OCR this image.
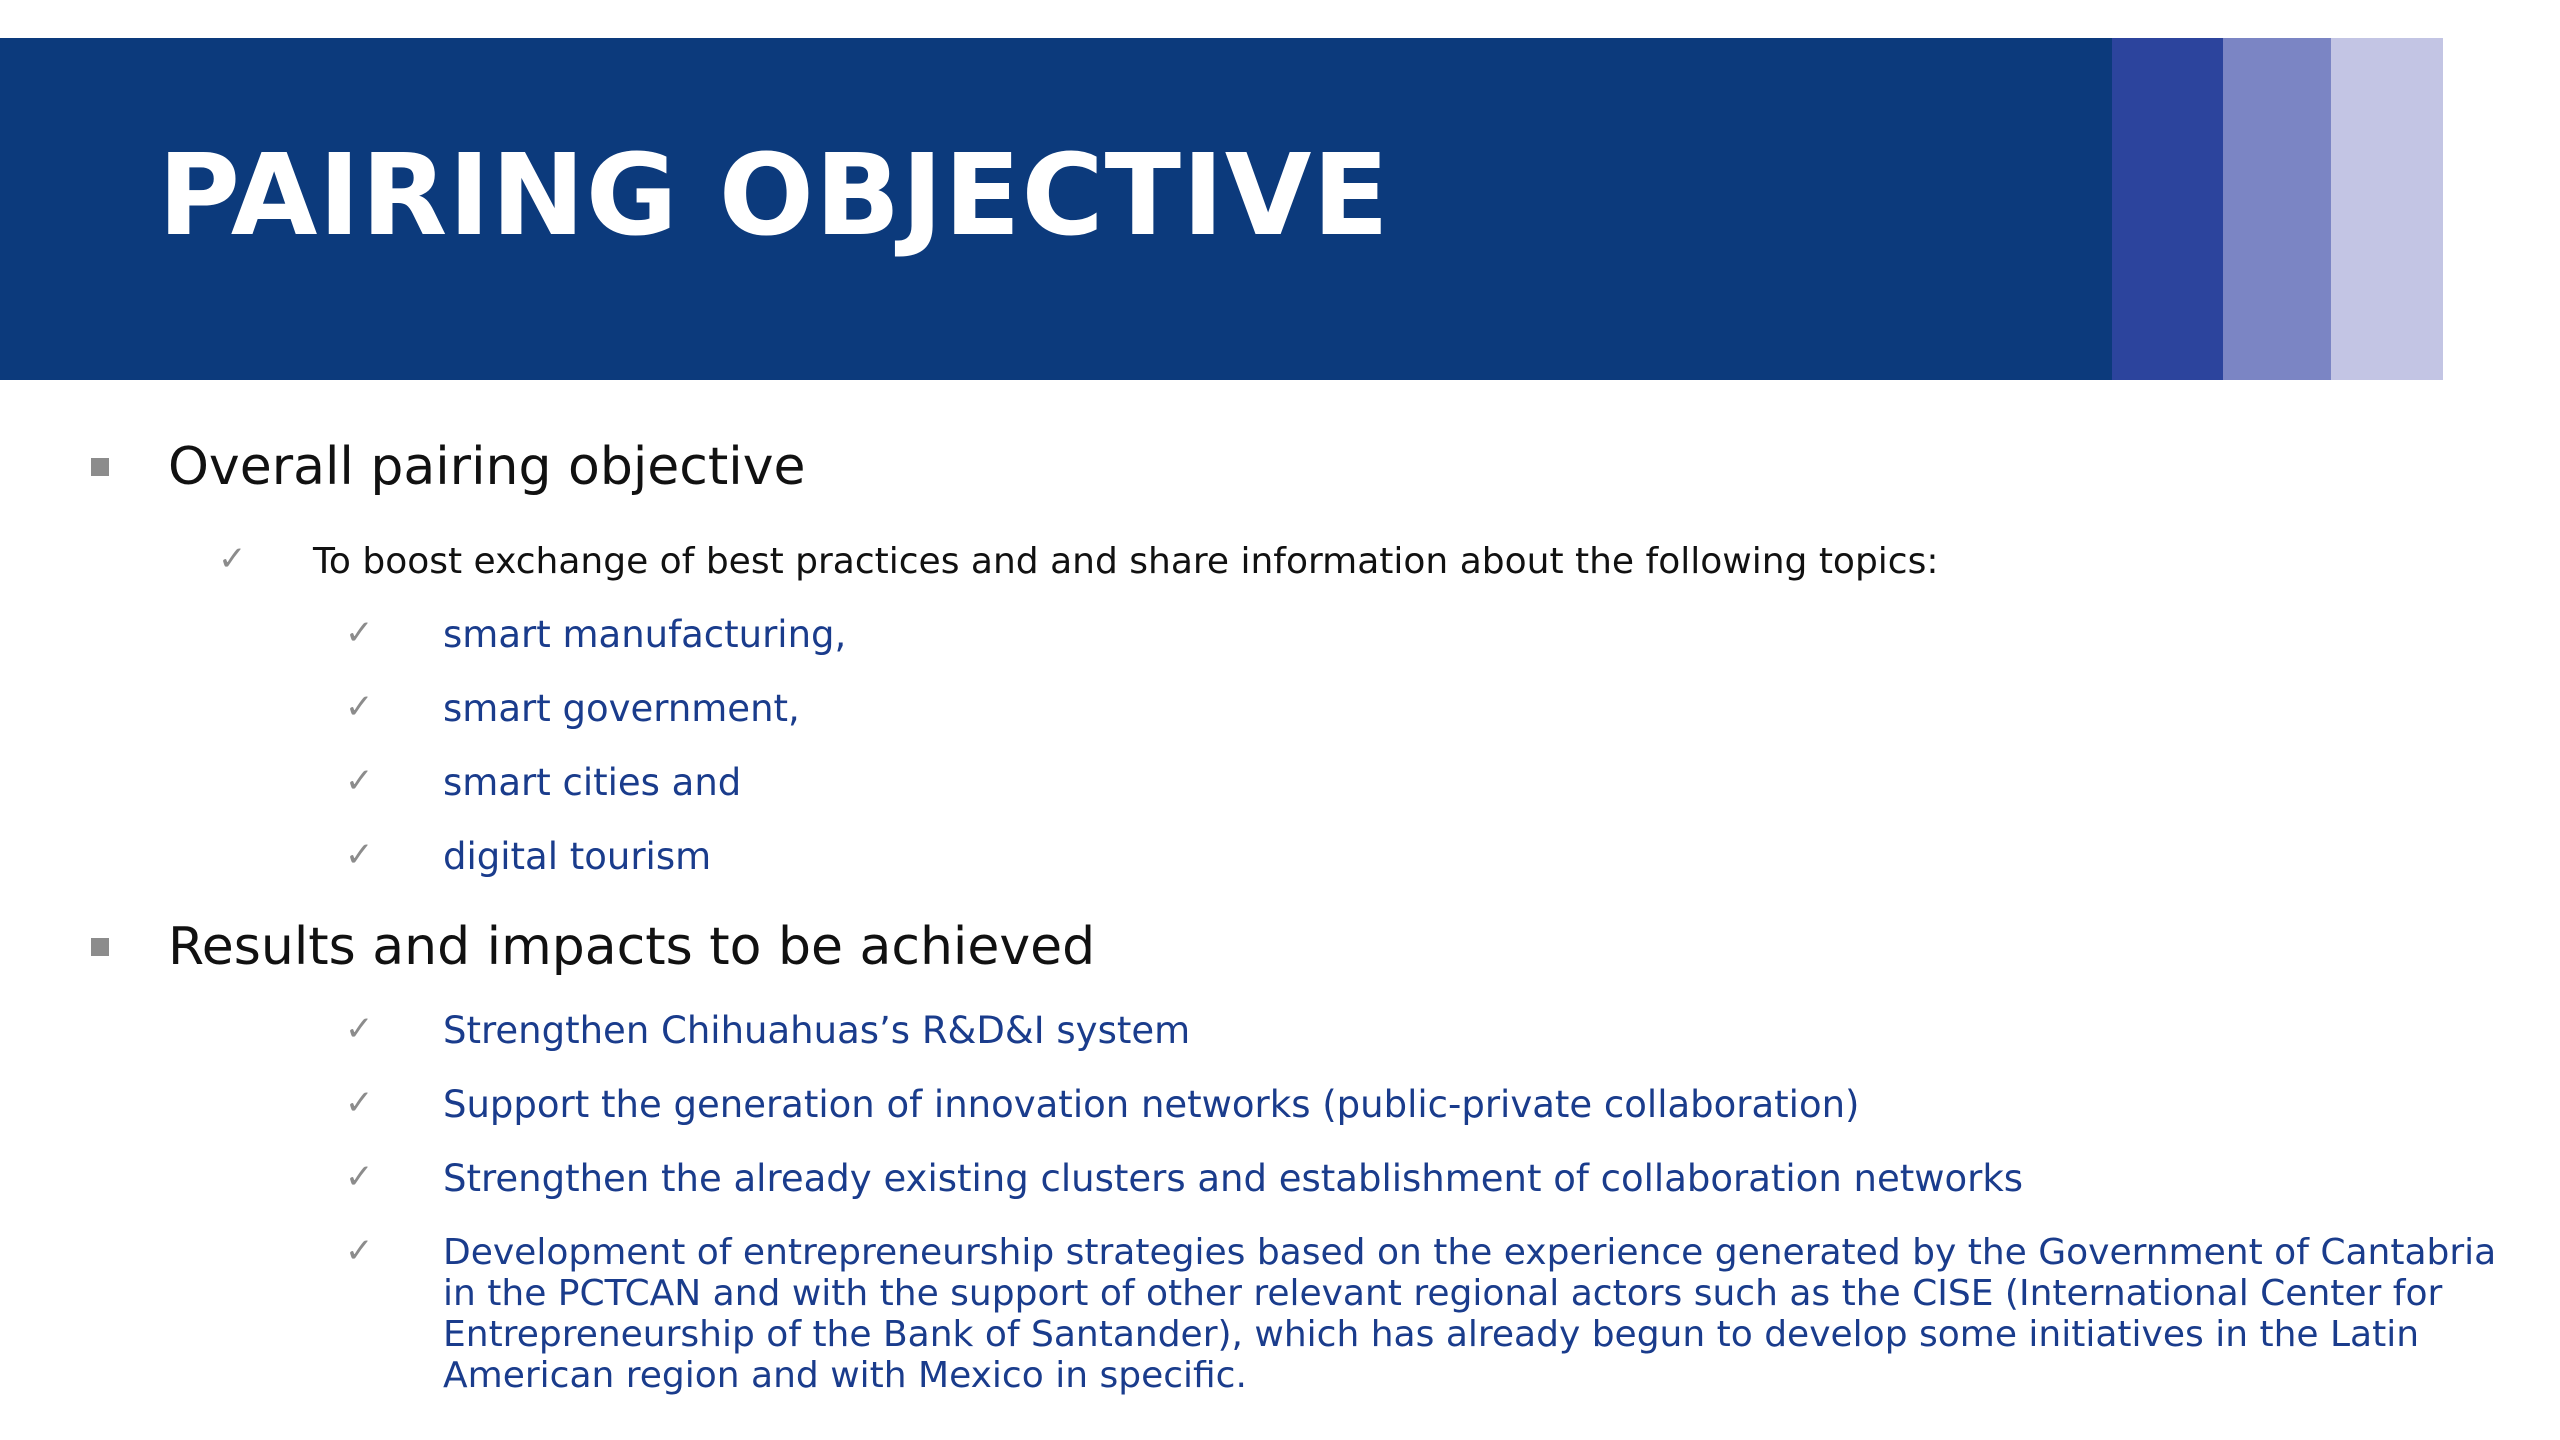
PAIRING OBJECTIVE
Overall pairing objective
✓ To boost exchange of best practices and and share information about the following topics:
✓ smart manufacturing,
✓ smart government,
✓ smart cities and
✓ digital tourism
Results and impacts to be achieved
✓ Strengthen Chihuahuas’s R&D&I system
✓ Support the generation of innovation networks (public-private collaboration)
✓ Strengthen the already existing clusters and establishment of collaboration networks
✓ Development of entrepreneurship strategies based on the experience generated by the Government of Cantabria in the PCTCAN and with the support of other relevant regional actors such as the CISE (International Center for Entrepreneurship of the Bank of Santander), which has already begun to develop some initiatives in the Latin American region and with Mexico in specific.
